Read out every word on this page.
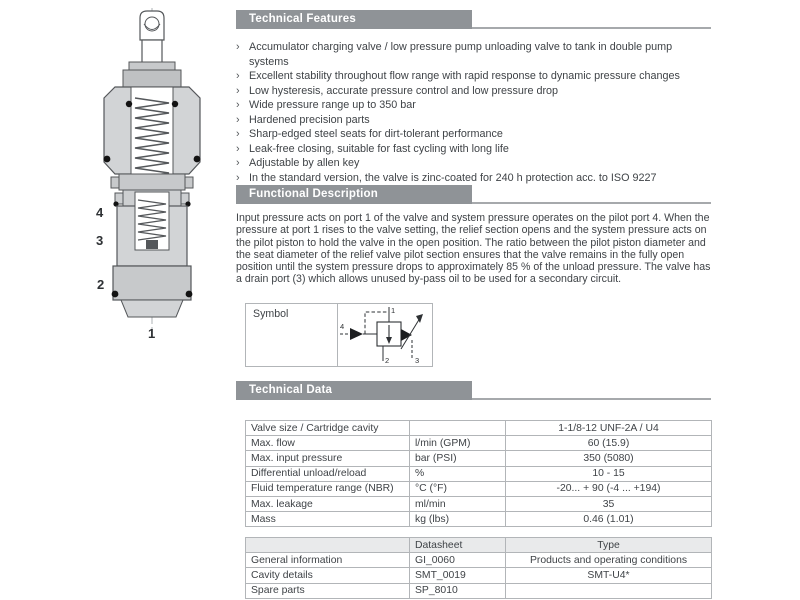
4
3
2
1
Technical Features
› Accumulator charging valve / low pressure pump unloading valve to tank in double pump systems
› Excellent stability throughout flow range with rapid response to dynamic pressure changes
› Low hysteresis, accurate pressure control and low pressure drop
› Wide pressure range up to 350 bar
› Hardened precision parts
› Sharp-edged steel seats for dirt-tolerant performance
› Leak-free closing, suitable for fast cycling with long life
› Adjustable by allen key
› In the standard version, the valve is zinc-coated for 240 h protection acc. to ISO 9227
Functional Description
Input pressure acts on port 1 of the valve and system pressure operates on the pilot port 4. When the pressure at port 1 rises to the valve setting, the relief section opens and the system pressure acts on the pilot piston to hold the valve in the open position. The ratio between the pilot piston diameter and the seat diameter of the relief valve pilot section ensures that the valve remains in the fully open position until the system pressure drops to approximately 85 % of the unload pressure. The valve has a drain port (3) which allows unused by-pass oil to be used for a secondary circuit.
Symbol	1
2	3
4
Technical Data
Valve size / Cartridge cavity		1-1/8-12 UNF-2A / U4
Max. flow	l/min (GPM)	60 (15.9)
Max. input pressure	bar (PSI)	350 (5080)
Differential unload/reload	%	10 - 15
Fluid temperature range (NBR)	°C (°F)	-20... + 90 (-4 ... +194)
Max. leakage	ml/min	35
Mass	kg (lbs)	0.46 (1.01)
	Datasheet	Type
General information	GI_0060	Products and operating conditions
Cavity details	SMT_0019	SMT-U4*
Spare parts	SP_8010	
